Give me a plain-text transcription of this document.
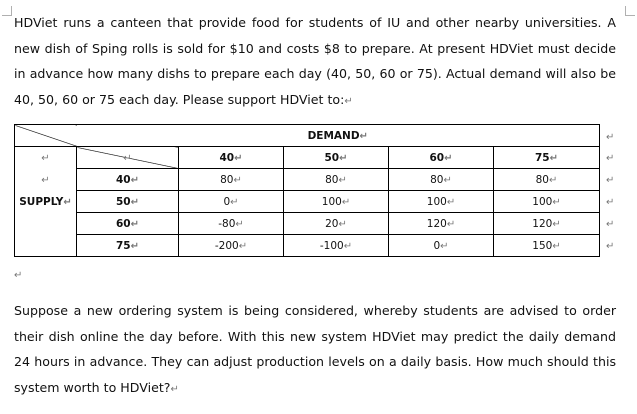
HDViet runs a canteen that provide food for students of IU and other nearby universities. A new dish of Sping rolls is sold for $10 and costs $8 to prepare. At present HDViet must decide in advance how many dishs to prepare each day (40, 50, 60 or 75). Actual demand will also be 40, 50, 60 or 75 each day. Please support HDViet to:↵

	DEMAND↵				
↵	↵	40↵	50↵	60↵	75↵
↵	40↵	80↵	80↵	80↵	80↵
SUPPLY↵	50↵	0↵	100↵	100↵	100↵
	60↵	-80↵	20↵	120↵	120↵
	75↵	-200↵	-100↵	0↵	150↵
↵
↵
↵
↵
↵
↵
↵

Suppose a new ordering system is being considered, whereby students are advised to order their dish online the day before. With this new system HDViet may predict the daily demand 24 hours in advance. They can adjust production levels on a daily basis. How much should this system worth to HDViet?↵
